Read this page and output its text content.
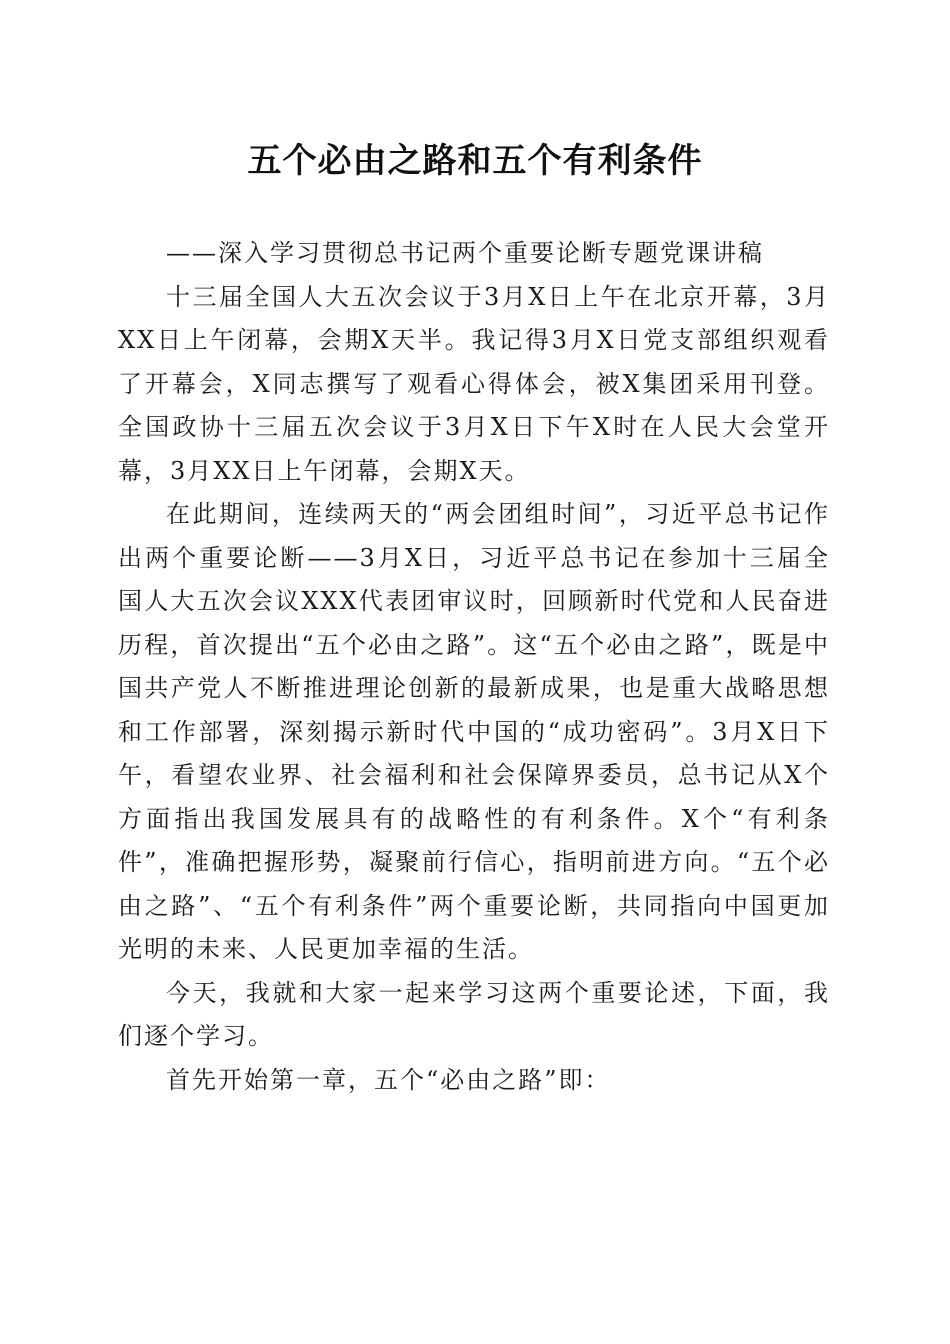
五个必由之路和五个有利条件

——深入学习贯彻总书记两个重要论断专题党课讲稿

十三届全国人大五次会议于3月X日上午在北京开幕，3月XX日上午闭幕，会期X天半。我记得3月X日党支部组织观看了开幕会，X同志撰写了观看心得体会，被X集团采用刊登。全国政协十三届五次会议于3月X日下午X时在人民大会堂开幕，3月XX日上午闭幕，会期X天。

在此期间，连续两天的“两会团组时间”，习近平总书记作出两个重要论断——3月X日，习近平总书记在参加十三届全国人大五次会议XXX代表团审议时，回顾新时代党和人民奋进历程，首次提出“五个必由之路”。这“五个必由之路”，既是中国共产党人不断推进理论创新的最新成果，也是重大战略思想和工作部署，深刻揭示新时代中国的“成功密码”。3月X日下午，看望农业界、社会福利和社会保障界委员，总书记从X个方面指出我国发展具有的战略性的有利条件。X个“有利条件”，准确把握形势，凝聚前行信心，指明前进方向。“五个必由之路”、“五个有利条件”两个重要论断，共同指向中国更加光明的未来、人民更加幸福的生活。

今天，我就和大家一起来学习这两个重要论述，下面，我们逐个学习。

首先开始第一章，五个“必由之路”即：
